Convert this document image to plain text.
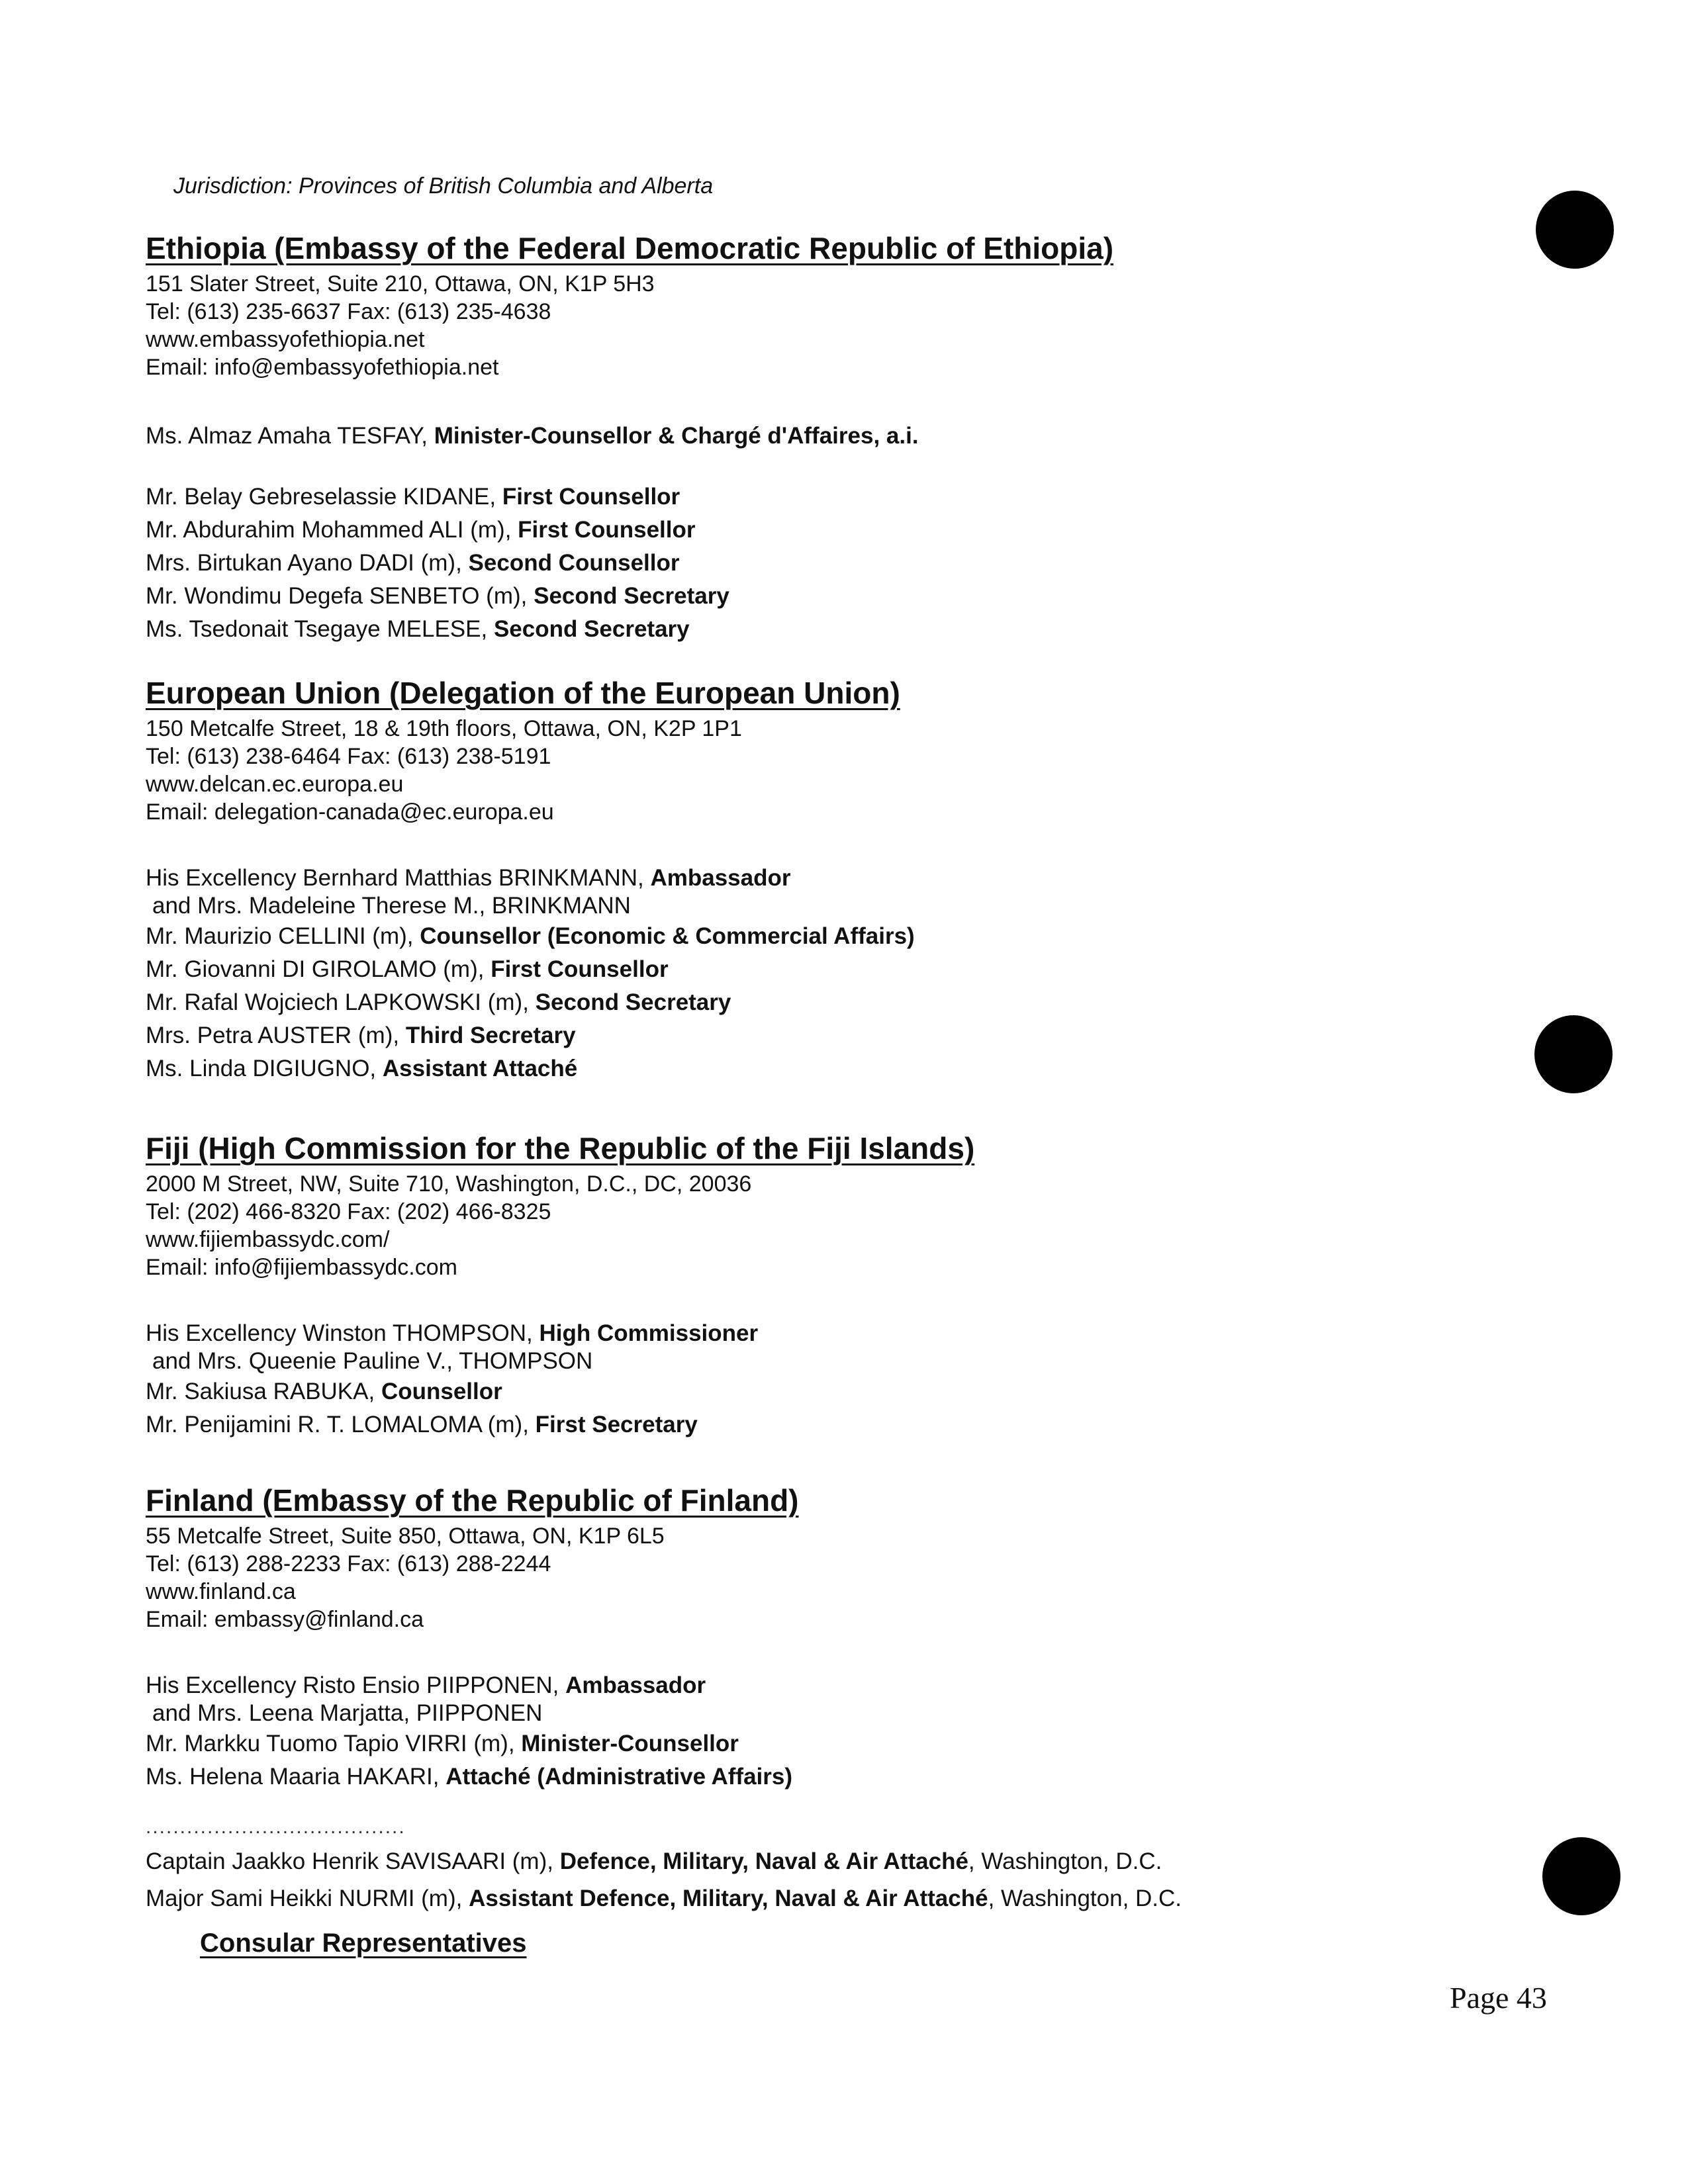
Jurisdiction: Provinces of British Columbia and Alberta
Ethiopia (Embassy of the Federal Democratic Republic of Ethiopia)
151 Slater Street, Suite 210, Ottawa, ON, K1P 5H3
Tel: (613) 235-6637 Fax: (613) 235-4638
www.embassyofethiopia.net
Email: info@embassyofethiopia.net
Ms. Almaz Amaha TESFAY, Minister-Counsellor & Chargé d'Affaires, a.i.
Mr. Belay Gebreselassie KIDANE, First Counsellor
Mr. Abdurahim Mohammed ALI (m), First Counsellor
Mrs. Birtukan Ayano DADI (m), Second Counsellor
Mr. Wondimu Degefa SENBETO (m), Second Secretary
Ms. Tsedonait Tsegaye MELESE, Second Secretary
European Union (Delegation of the European Union)
150 Metcalfe Street, 18 & 19th floors, Ottawa, ON, K2P 1P1
Tel: (613) 238-6464 Fax: (613) 238-5191
www.delcan.ec.europa.eu
Email: delegation-canada@ec.europa.eu
His Excellency Bernhard Matthias BRINKMANN, Ambassador
and Mrs. Madeleine Therese M., BRINKMANN
Mr. Maurizio CELLINI (m), Counsellor (Economic & Commercial Affairs)
Mr. Giovanni DI GIROLAMO (m), First Counsellor
Mr. Rafal Wojciech LAPKOWSKI (m), Second Secretary
Mrs. Petra AUSTER (m), Third Secretary
Ms. Linda DIGIUGNO, Assistant Attaché
Fiji (High Commission for the Republic of the Fiji Islands)
2000 M Street, NW, Suite 710, Washington, D.C., DC, 20036
Tel: (202) 466-8320 Fax: (202) 466-8325
www.fijiembassydc.com/
Email: info@fijiembassydc.com
His Excellency Winston THOMPSON, High Commissioner
and Mrs. Queenie Pauline V., THOMPSON
Mr. Sakiusa RABUKA, Counsellor
Mr. Penijamini R. T. LOMALOMA (m), First Secretary
Finland (Embassy of the Republic of Finland)
55 Metcalfe Street, Suite 850, Ottawa, ON, K1P 6L5
Tel: (613) 288-2233 Fax: (613) 288-2244
www.finland.ca
Email: embassy@finland.ca
His Excellency Risto Ensio PIIPPONEN, Ambassador
and Mrs. Leena Marjatta, PIIPPONEN
Mr. Markku Tuomo Tapio VIRRI (m), Minister-Counsellor
Ms. Helena Maaria HAKARI, Attaché (Administrative Affairs)
......................................
Captain Jaakko Henrik SAVISAARI (m), Defence, Military, Naval & Air Attaché, Washington, D.C.
Major Sami Heikki NURMI (m), Assistant Defence, Military, Naval & Air Attaché, Washington, D.C.
Consular Representatives
Page 43
